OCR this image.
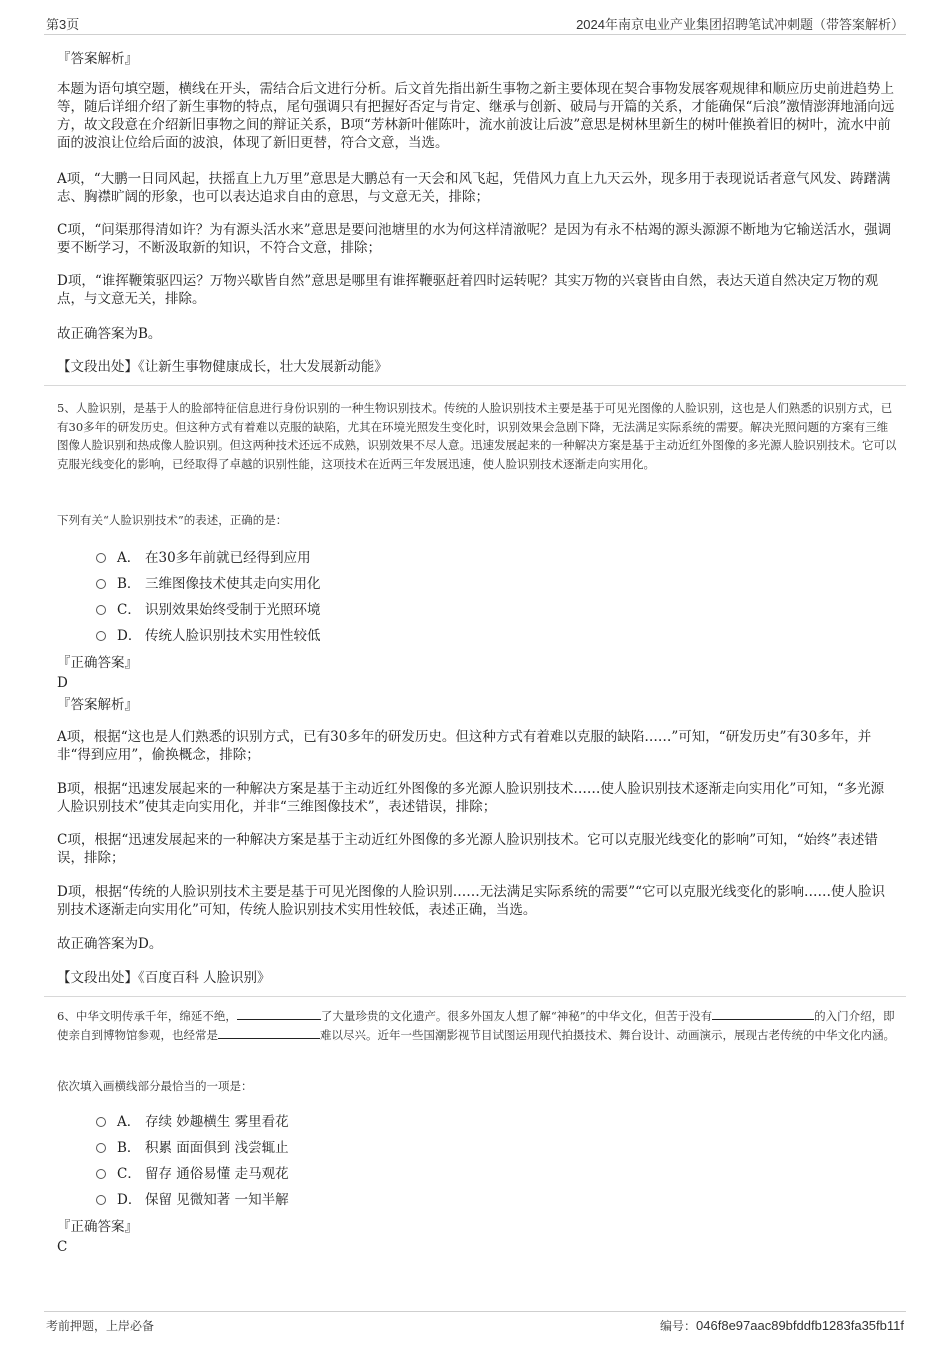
第3页	2024年南京电业产业集团招聘笔试冲刺题（带答案解析）
『答案解析』
本题为语句填空题，横线在开头，需结合后文进行分析。后文首先指出新生事物之新主要体现在契合事物发展客观规律和顺应历史前进趋势上等，随后详细介绍了新生事物的特点，尾句强调只有把握好否定与肯定、继承与创新、破局与开篇的关系，才能确保“后浪”激情澎湃地涌向远方，故文段意在介绍新旧事物之间的辩证关系，B项“芳林新叶催陈叶，流水前波让后波”意思是树林里新生的树叶催换着旧的树叶，流水中前面的波浪让位给后面的波浪，体现了新旧更替，符合文意，当选。
A项，“大鹏一日同风起，扶摇直上九万里”意思是大鹏总有一天会和风飞起，凭借风力直上九天云外，现多用于表现说话者意气风发、踌躇满志、胸襟旷阔的形象，也可以表达追求自由的意思，与文意无关，排除；
C项，“问渠那得清如许？为有源头活水来”意思是要问池塘里的水为何这样清澈呢？是因为有永不枯竭的源头源源不断地为它输送活水，强调要不断学习，不断汲取新的知识，不符合文意，排除；
D项，“谁挥鞭策驱四运？万物兴歇皆自然”意思是哪里有谁挥鞭驱赶着四时运转呢？其实万物的兴衰皆由自然，表达天道自然决定万物的观点，与文意无关，排除。
故正确答案为B。
【文段出处】《让新生事物健康成长，壮大发展新动能》
5、人脸识别，是基于人的脸部特征信息进行身份识别的一种生物识别技术。传统的人脸识别技术主要是基于可见光图像的人脸识别，这也是人们熟悉的识别方式，已有30多年的研发历史。但这种方式有着难以克服的缺陷，尤其在环境光照发生变化时，识别效果会急剧下降，无法满足实际系统的需要。解决光照问题的方案有三维图像人脸识别和热成像人脸识别。但这两种技术还远不成熟，识别效果不尽人意。迅速发展起来的一种解决方案是基于主动近红外图像的多光源人脸识别技术。它可以克服光线变化的影响，已经取得了卓越的识别性能，这项技术在近两三年发展迅速，使人脸识别技术逐渐走向实用化。
下列有关“人脸识别技术”的表述，正确的是：
A． 在30多年前就已经得到应用
B． 三维图像技术使其走向实用化
C． 识别效果始终受制于光照环境
D． 传统人脸识别技术实用性较低
『正确答案』
D
『答案解析』
A项，根据“这也是人们熟悉的识别方式，已有30多年的研发历史。但这种方式有着难以克服的缺陷……”可知，“研发历史”有30多年，并非“得到应用”，偷换概念，排除；
B项，根据“迅速发展起来的一种解决方案是基于主动近红外图像的多光源人脸识别技术……使人脸识别技术逐渐走向实用化”可知，“多光源人脸识别技术”使其走向实用化，并非“三维图像技术”，表述错误，排除；
C项，根据“迅速发展起来的一种解决方案是基于主动近红外图像的多光源人脸识别技术。它可以克服光线变化的影响”可知，“始终”表述错误，排除；
D项，根据“传统的人脸识别技术主要是基于可见光图像的人脸识别……无法满足实际系统的需要”“它可以克服光线变化的影响……使人脸识别技术逐渐走向实用化”可知，传统人脸识别技术实用性较低，表述正确，当选。
故正确答案为D。
【文段出处】《百度百科 人脸识别》
6、中华文明传承千年，绵延不绝，	了大量珍贵的文化遗产。很多外国友人想了解“神秘”的中华文化，但苦于没有	的入门介绍，即使亲自到博物馆参观，也经常是	难以尽兴。近年一些国潮影视节目试图运用现代拍摄技术、舞台设计、动画演示，展现古老传统的中华文化内涵。
依次填入画横线部分最恰当的一项是：
A． 存续 妙趣横生 雾里看花
B． 积累 面面俱到 浅尝辄止
C． 留存 通俗易懂 走马观花
D． 保留 见微知著 一知半解
『正确答案』
C
考前押题，上岸必备	编号：046f8e97aac89bfddfb1283fa35fb11f
